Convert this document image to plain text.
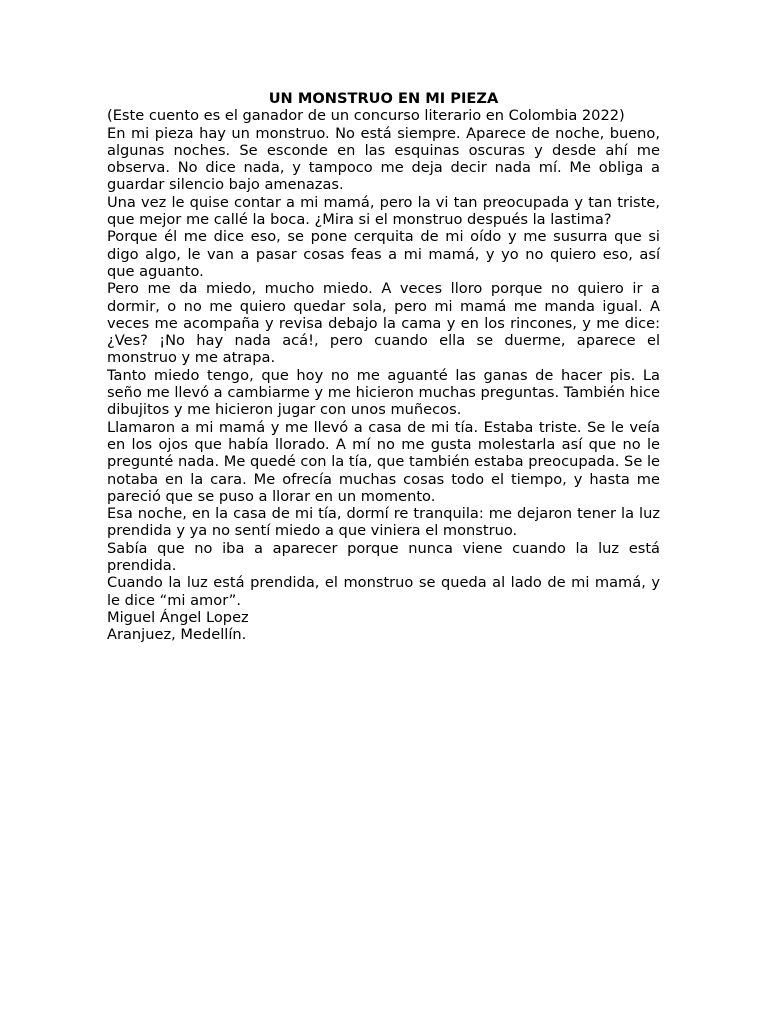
UN MONSTRUO EN MI PIEZA

(Este cuento es el ganador de un concurso literario en Colombia 2022)

En mi pieza hay un monstruo. No está siempre. Aparece de noche, bueno, algunas noches. Se esconde en las esquinas oscuras y desde ahí me observa. No dice nada, y tampoco me deja decir nada mí. Me obliga a guardar silencio bajo amenazas.

Una vez le quise contar a mi mamá, pero la vi tan preocupada y tan triste, que mejor me callé la boca. ¿Mira si el monstruo después la lastima?

Porque él me dice eso, se pone cerquita de mi oído y me susurra que si digo algo, le van a pasar cosas feas a mi mamá, y yo no quiero eso, así que aguanto.

Pero me da miedo, mucho miedo. A veces lloro porque no quiero ir a dormir, o no me quiero quedar sola, pero mi mamá me manda igual. A veces me acompaña y revisa debajo la cama y en los rincones, y me dice: ¿Ves? ¡No hay nada acá!, pero cuando ella se duerme, aparece el monstruo y me atrapa.

Tanto miedo tengo, que hoy no me aguanté las ganas de hacer pis. La seño me llevó a cambiarme y me hicieron muchas preguntas. También hice dibujitos y me hicieron jugar con unos muñecos.

Llamaron a mi mamá y me llevó a casa de mi tía. Estaba triste. Se le veía en los ojos que había llorado. A mí no me gusta molestarla así que no le pregunté nada. Me quedé con la tía, que también estaba preocupada. Se le notaba en la cara. Me ofrecía muchas cosas todo el tiempo, y hasta me pareció que se puso a llorar en un momento.

Esa noche, en la casa de mi tía, dormí re tranquila: me dejaron tener la luz prendida y ya no sentí miedo a que viniera el monstruo.

Sabía que no iba a aparecer porque nunca viene cuando la luz está prendida.

Cuando la luz está prendida, el monstruo se queda al lado de mi mamá, y le dice “mi amor”.

Miguel Ángel Lopez

Aranjuez, Medellín.
